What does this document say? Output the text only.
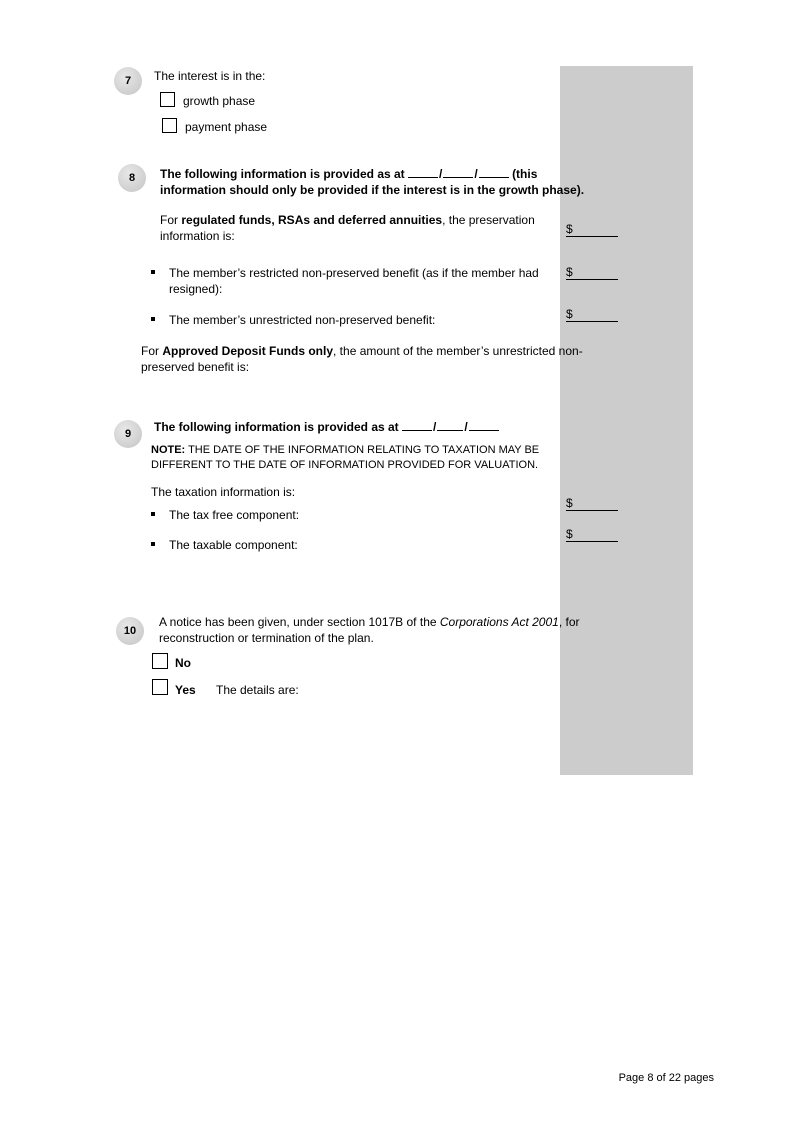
7 The interest is in the:
growth phase
payment phase
8 The following information is provided as at	/	/	(this
information should only be provided if the interest is in the growth phase).
For regulated funds, RSAs and deferred annuities, the preservation
information is:	$
The member’s restricted non-preserved benefit (as if the member had
resigned):
$
The member’s unrestricted non-preserved benefit:	$
For Approved Deposit Funds only, the amount of the member’s unrestricted non-
preserved benefit is:
9 The following information is provided as at	/ /
NOTE: THE DATE OF THE INFORMATION RELATING TO TAXATION MAY BE
DIFFERENT TO THE DATE OF INFORMATION PROVIDED FOR VALUATION.
The taxation information is:
The tax free component:
$
The taxable component:
$
10
A notice has been given, under section 1017B of the Corporations Act 2001, for
reconstruction or termination of the plan.
No
Yes The details are:
Page 8 of 22 pages
